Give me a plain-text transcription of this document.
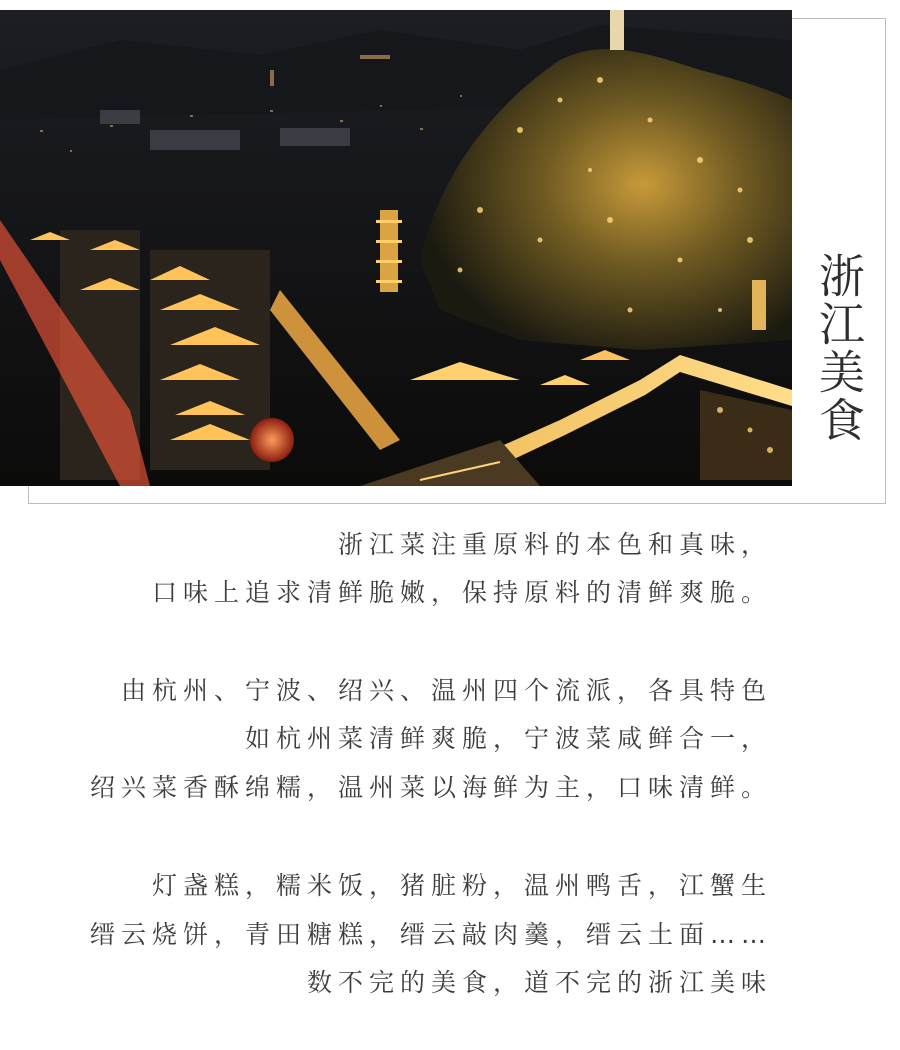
浙江美食
浙江菜注重原料的本色和真味，
口味上追求清鲜脆嫩，保持原料的清鲜爽脆。
由杭州、宁波、绍兴、温州四个流派，各具特色
如杭州菜清鲜爽脆，宁波菜咸鲜合一，
绍兴菜香酥绵糯，温州菜以海鲜为主，口味清鲜。
灯盏糕，糯米饭，猪脏粉，温州鸭舌，江蟹生
缙云烧饼，青田糖糕，缙云敲肉羹，缙云土面……
数不完的美食，道不完的浙江美味
